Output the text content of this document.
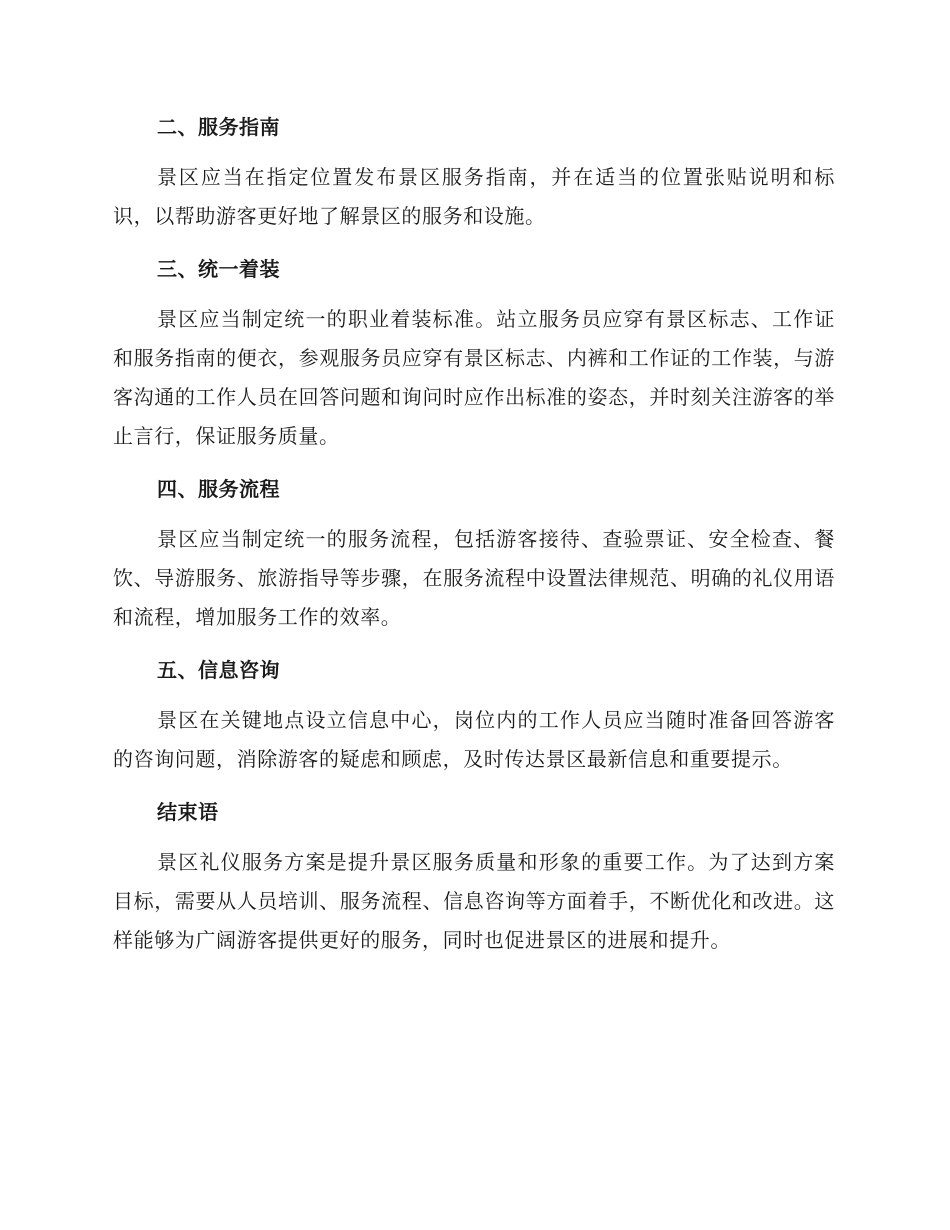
二、服务指南

景区应当在指定位置发布景区服务指南，并在适当的位置张贴说明和标识，以帮助游客更好地了解景区的服务和设施。

三、统一着装

景区应当制定统一的职业着装标准。站立服务员应穿有景区标志、工作证和服务指南的便衣，参观服务员应穿有景区标志、内裤和工作证的工作装，与游客沟通的工作人员在回答问题和询问时应作出标准的姿态，并时刻关注游客的举止言行，保证服务质量。

四、服务流程

景区应当制定统一的服务流程，包括游客接待、查验票证、安全检查、餐饮、导游服务、旅游指导等步骤，在服务流程中设置法律规范、明确的礼仪用语和流程，增加服务工作的效率。

五、信息咨询

景区在关键地点设立信息中心，岗位内的工作人员应当随时准备回答游客的咨询问题，消除游客的疑虑和顾虑，及时传达景区最新信息和重要提示。

结束语

景区礼仪服务方案是提升景区服务质量和形象的重要工作。为了达到方案目标，需要从人员培训、服务流程、信息咨询等方面着手，不断优化和改进。这样能够为广阔游客提供更好的服务，同时也促进景区的进展和提升。
